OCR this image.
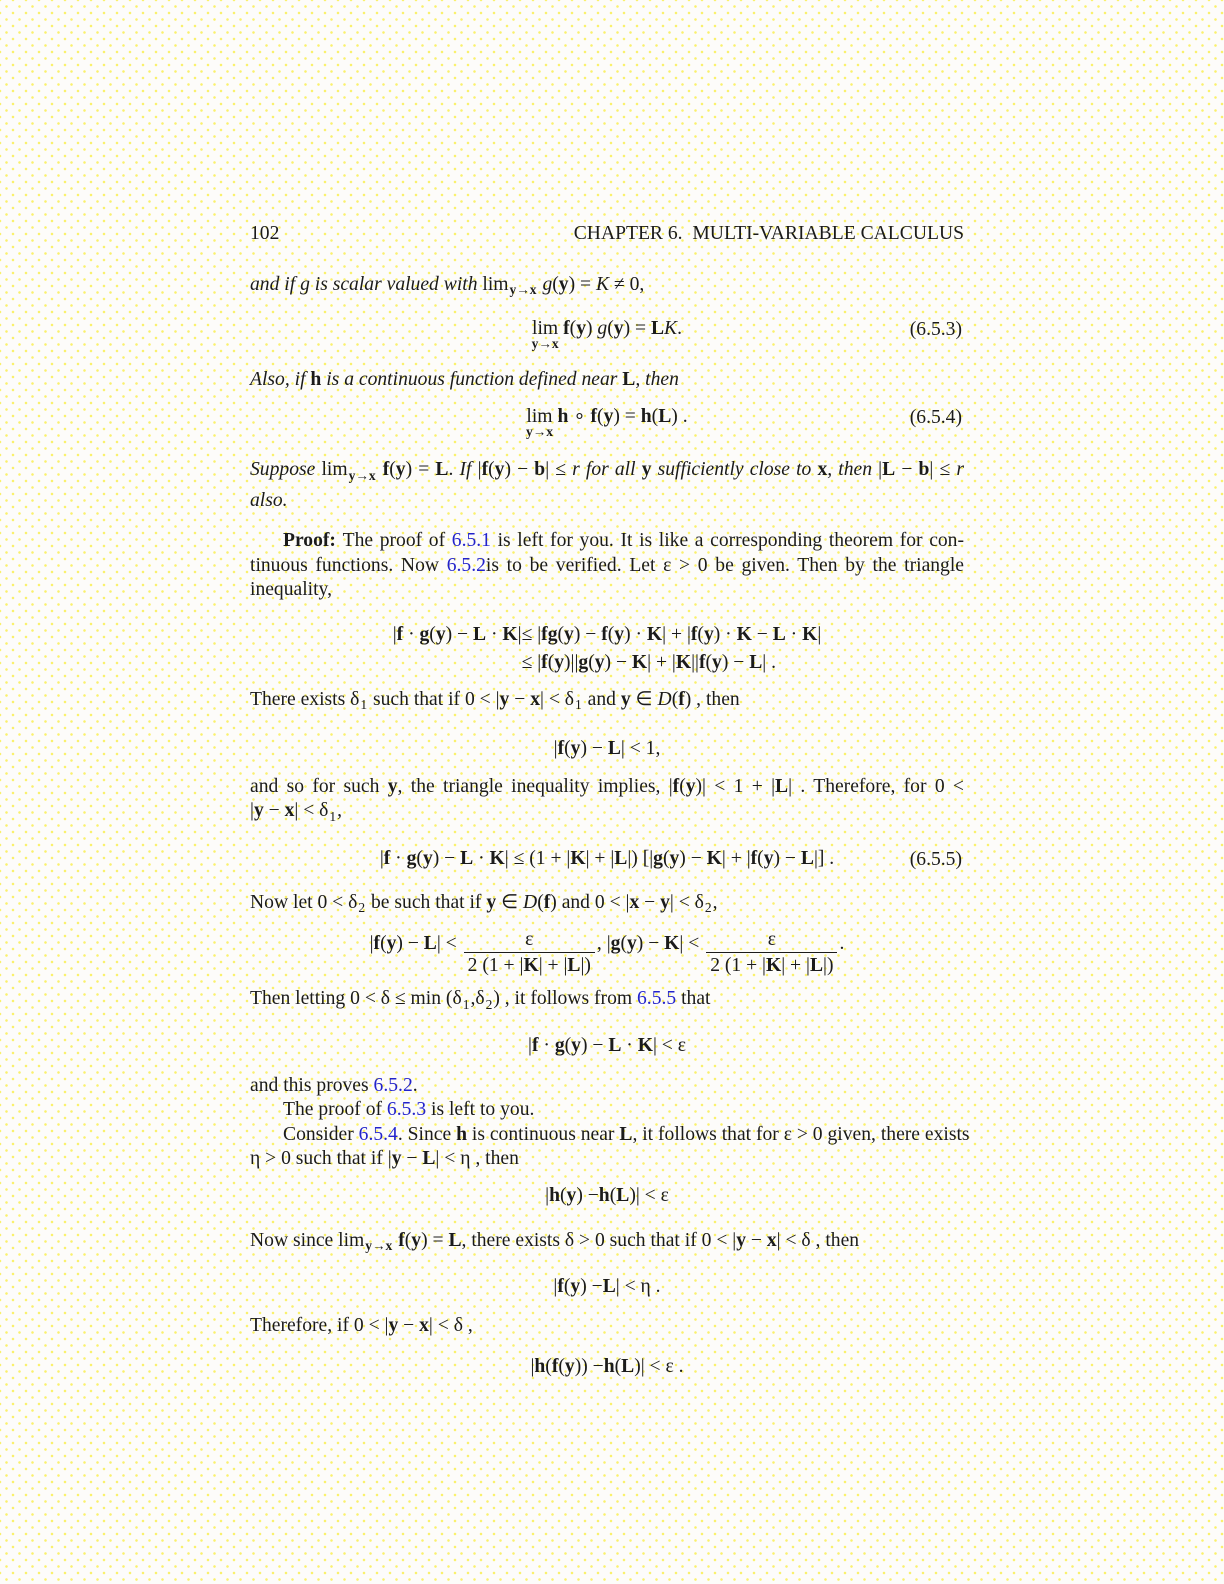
102	CHAPTER 6. MULTI-VARIABLE CALCULUS
and if g is scalar valued with $\lim_{y\to x} g(y) = K \ne 0$,
lim
y→x
f(y) g(y) = LK.	(6.5.3)
Also, if h is a continuous function defined near L, then
lim
y→x
h ∘ f(y) = h(L) .	(6.5.4)
Suppose $\lim_{y\to x} f(y) = L$. If |f(y) − b| ≤ r for all y sufficiently close to x, then |L − b| ≤ r
also.
Proof: The proof of 6.5.1 is left for you. It is like a corresponding theorem for con-
tinuous functions. Now 6.5.2is to be verified. Let ε > 0 be given. Then by the triangle
inequality,
|f · g(y) − L · K|	≤ |fg(y) − f(y) · K| + |f(y) · K − L · K|
	≤ |f(y)||g(y) − K| + |K||f(y) − L| .
There exists $\delta_1$ such that if $0 < |y - x| < \delta_1$ and y ∈ D(f) , then
|f(y) − L| < 1,
and so for such y, the triangle inequality implies, |f(y)| < 1 + |L| . Therefore, for 0 <
$|y - x| < \delta_1$,
|f · g(y) − L · K| ≤ (1 + |K| + |L|) [|g(y) − K| + |f(y) − L|] .	(6.5.5)
Now let $0 < \delta_2$ be such that if y ∈ D(f) and $0 < |x - y| < \delta_2$,
$|f(y) - L| < \frac{\varepsilon}{2 (1 + |K| + |L|)}$ , $|g(y) - K| < \frac{\varepsilon}{2 (1 + |K| + |L|)}$ .
Then letting $0 < \delta \le \min (\delta_1,\delta_2)$ , it follows from 6.5.5 that
|f · g(y) − L · K| < ε
and this proves 6.5.2.
The proof of 6.5.3 is left to you.
Consider 6.5.4. Since h is continuous near L, it follows that for ε > 0 given, there exists
η > 0 such that if |y − L| < η , then
|h(y) −h(L)| < ε
Now since $\lim_{y\to x} f(y) = L$, there exists δ > 0 such that if 0 < |y − x| < δ , then
|f(y) −L| < η .
Therefore, if 0 < |y − x| < δ ,
|h(f(y)) −h(L)| < ε .
